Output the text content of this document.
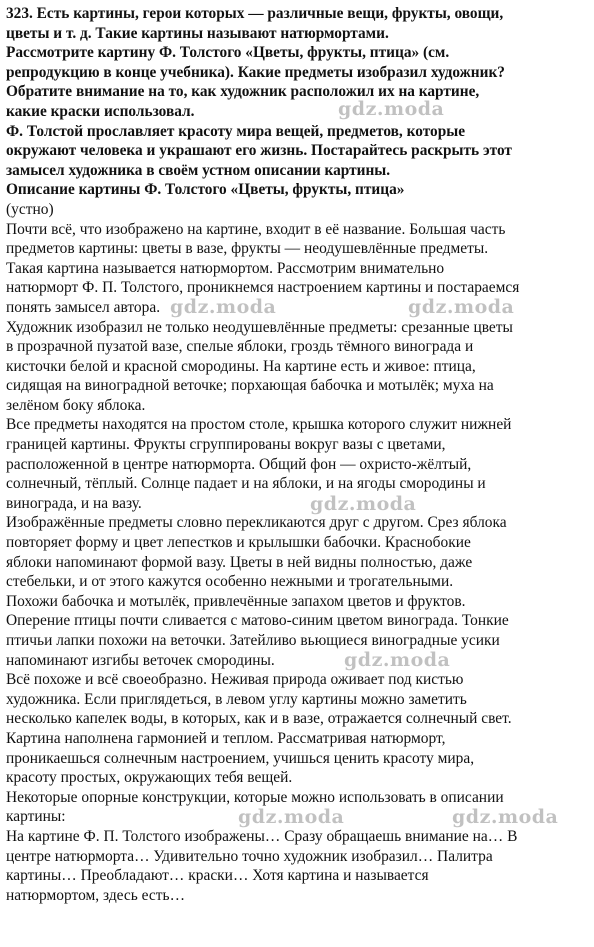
323. Есть картины, герои которых — различные вещи, фрукты, овощи,
цветы и т. д. Такие картины называют натюрмортами.
Рассмотрите картину Ф. Толстого «Цветы, фрукты, птица» (см.
репродукцию в конце учебника). Какие предметы изобразил художник?
Обратите внимание на то, как художник расположил их на картине,
какие краски использовал.
Ф. Толстой прославляет красоту мира вещей, предметов, которые
окружают человека и украшают его жизнь. Постарайтесь раскрыть этот
замысел художника в своём устном описании картины.
Описание картины Ф. Толстого «Цветы, фрукты, птица»
(устно)

Почти всё, что изображено на картине, входит в её название. Большая часть
предметов картины: цветы в вазе, фрукты — неодушевлённые предметы.
Такая картина называется натюрмортом. Рассмотрим внимательно
натюрморт Ф. П. Толстого, проникнемся настроением картины и постараемся
понять замысел автора.

Художник изобразил не только неодушевлённые предметы: срезанные цветы
в прозрачной пузатой вазе, спелые яблоки, гроздь тёмного винограда и
кисточки белой и красной смородины. На картине есть и живое: птица,
сидящая на виноградной веточке; порхающая бабочка и мотылёк; муха на
зелёном боку яблока.

Все предметы находятся на простом столе, крышка которого служит нижней
границей картины. Фрукты сгруппированы вокруг вазы с цветами,
расположенной в центре натюрморта. Общий фон — охристо-жёлтый,
солнечный, тёплый. Солнце падает и на яблоки, и на ягоды смородины и
винограда, и на вазу.

Изображённые предметы словно перекликаются друг с другом. Срез яблока
повторяет форму и цвет лепестков и крылышки бабочки. Краснобокие
яблоки напоминают формой вазу. Цветы в ней видны полностью, даже
стебельки, и от этого кажутся особенно нежными и трогательными.

Похожи бабочка и мотылёк, привлечённые запахом цветов и фруктов.
Оперение птицы почти сливается с матово-синим цветом винограда. Тонкие
птичьи лапки похожи на веточки. Затейливо вьющиеся виноградные усики
напоминают изгибы веточек смородины.

Всё похоже и всё своеобразно. Неживая природа оживает под кистью
художника. Если приглядеться, в левом углу картины можно заметить
несколько капелек воды, в которых, как и в вазе, отражается солнечный свет.
Картина наполнена гармонией и теплом. Рассматривая натюрморт,
проникаешься солнечным настроением, учишься ценить красоту мира,
красоту простых, окружающих тебя вещей.

Некоторые опорные конструкции, которые можно использовать в описании
картины:

На картине Ф. П. Толстого изображены… Сразу обращаешь внимание на… В
центре натюрморта… Удивительно точно художник изобразил… Палитра
картины… Преобладают… краски… Хотя картина и называется
натюрмортом, здесь есть…

gdz.moda
gdz.moda	gdz.moda
gdz.moda
gdz.moda
gdz.moda	gdz.moda
